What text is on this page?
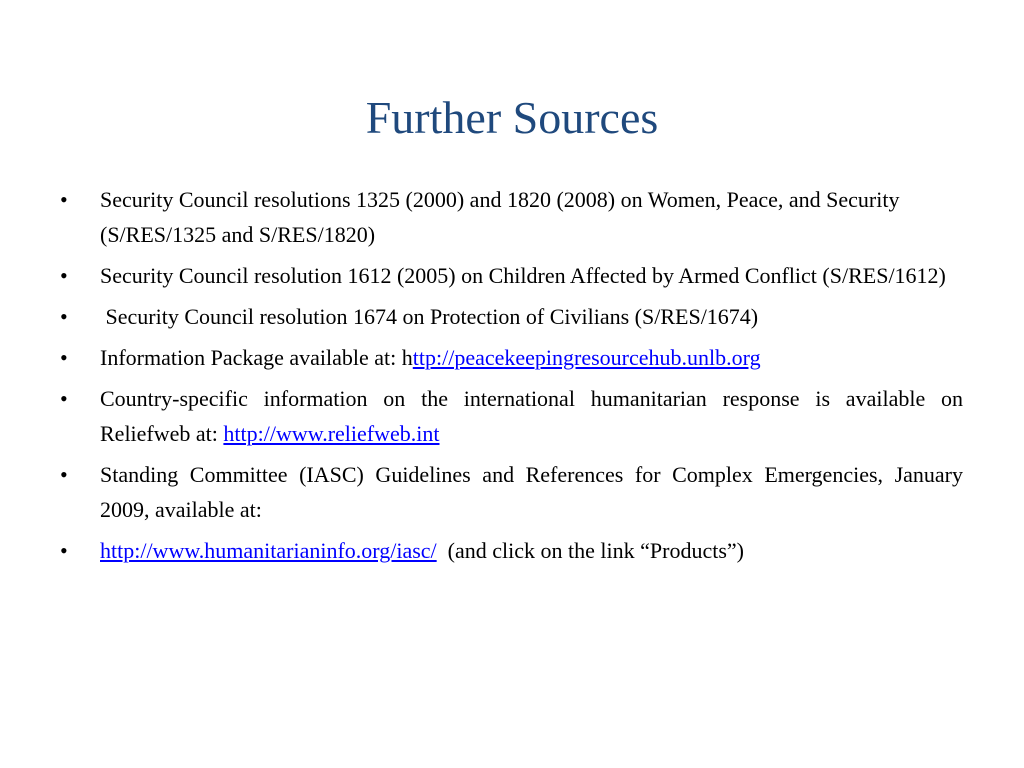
Further Sources
•	Security Council resolutions 1325 (2000) and 1820 (2008) on Women, Peace, and Security (S/RES/1325 and S/RES/1820)
•	Security Council resolution 1612 (2005) on Children Affected by Armed Conflict (S/RES/1612)
•	Security Council resolution 1674 on Protection of Civilians (S/RES/1674)
•	Information Package available at: http://peacekeepingresourcehub.unlb.org
•	Country-specific information on the international humanitarian response is available on Reliefweb at: http://www.reliefweb.int
•	Standing Committee (IASC) Guidelines and References for Complex Emergencies, January 2009, available at:
•	http://www.humanitarianinfo.org/iasc/  (and click on the link “Products”)
